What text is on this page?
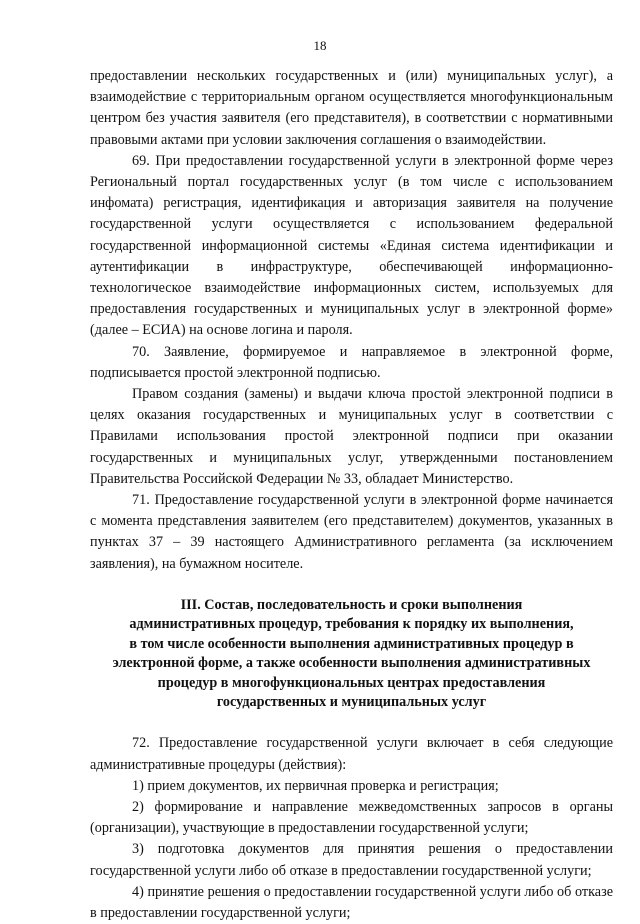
18

предоставлении нескольких государственных и (или) муниципальных услуг), а взаимодействие с территориальным органом осуществляется многофункциональным центром без участия заявителя (его представителя), в соответствии с нормативными правовыми актами при условии заключения соглашения о взаимодействии.

69. При предоставлении государственной услуги в электронной форме через Региональный портал государственных услуг (в том числе с использованием инфомата) регистрация, идентификация и авторизация заявителя на получение государственной услуги осуществляется с использованием федеральной государственной информационной системы «Единая система идентификации и аутентификации в инфраструктуре, обеспечивающей информационно-технологическое взаимодействие информационных систем, используемых для предоставления государственных и муниципальных услуг в электронной форме» (далее – ЕСИА) на основе логина и пароля.

70. Заявление, формируемое и направляемое в электронной форме, подписывается простой электронной подписью.

Правом создания (замены) и выдачи ключа простой электронной подписи в целях оказания государственных и муниципальных услуг в соответствии с Правилами использования простой электронной подписи при оказании государственных и муниципальных услуг, утвержденными постановлением Правительства Российской Федерации № 33, обладает Министерство.

71. Предоставление государственной услуги в электронной форме начинается с момента представления заявителем (его представителем) документов, указанных в пунктах 37 – 39 настоящего Административного регламента (за исключением заявления), на бумажном носителе.

III. Состав, последовательность и сроки выполнения
административных процедур, требования к порядку их выполнения,
в том числе особенности выполнения административных процедур в
электронной форме, а также особенности выполнения административных
процедур в многофункциональных центрах предоставления
государственных и муниципальных услуг

72. Предоставление государственной услуги включает в себя следующие административные процедуры (действия):

1) прием документов, их первичная проверка и регистрация;

2) формирование и направление межведомственных запросов в органы (организации), участвующие в предоставлении государственной услуги;

3) подготовка документов для принятия решения о предоставлении государственной услуги либо об отказе в предоставлении государственной услуги;

4) принятие решения о предоставлении государственной услуги либо об отказе в предоставлении государственной услуги;
